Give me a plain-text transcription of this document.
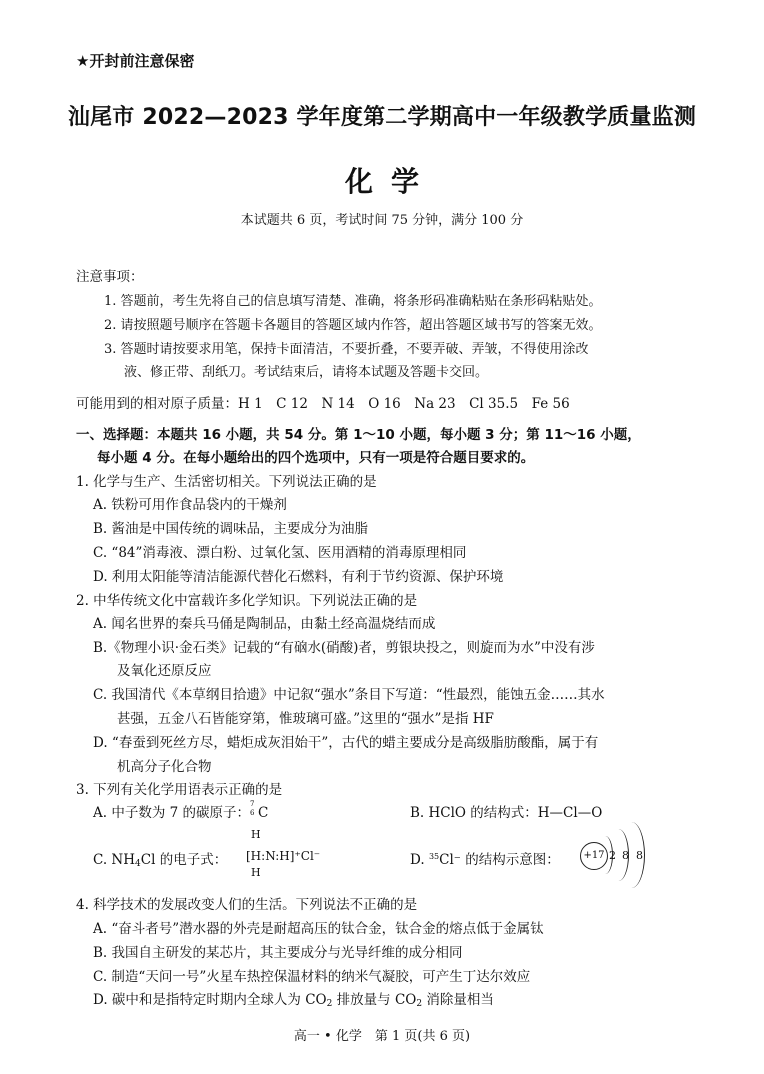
★开封前注意保密
汕尾市 2022—2023 学年度第二学期高中一年级教学质量监测
化学
本试题共 6 页，考试时间 75 分钟，满分 100 分
注意事项：
1. 答题前，考生先将自己的信息填写清楚、准确，将条形码准确粘贴在条形码粘贴处。
2. 请按照题号顺序在答题卡各题目的答题区域内作答，超出答题区域书写的答案无效。
3. 答题时请按要求用笔，保持卡面清洁，不要折叠，不要弄破、弄皱，不得使用涂改
液、修正带、刮纸刀。考试结束后，请将本试题及答题卡交回。
可能用到的相对原子质量：H 1　C 12　N 14　O 16　Na 23　Cl 35.5　Fe 56
一、选择题：本题共 16 小题，共 54 分。第 1～10 小题，每小题 3 分；第 11～16 小题，
每小题 4 分。在每小题给出的四个选项中，只有一项是符合题目要求的。
1. 化学与生产、生活密切相关。下列说法正确的是
A. 铁粉可用作食品袋内的干燥剂
B. 酱油是中国传统的调味品，主要成分为油脂
C. “84”消毒液、漂白粉、过氧化氢、医用酒精的消毒原理相同
D. 利用太阳能等清洁能源代替化石燃料，有利于节约资源、保护环境
2. 中华传统文化中富载许多化学知识。下列说法正确的是
A. 闻名世界的秦兵马俑是陶制品，由黏土经高温烧结而成
B.《物理小识·金石类》记载的“有硇水(硝酸)者，剪银块投之，则旋而为水”中没有涉
及氧化还原反应
C. 我国清代《本草纲目拾遗》中记叙“强水”条目下写道：“性最烈，能蚀五金……其水
甚强，五金八石皆能穿第，惟玻璃可盛。”这里的“强水”是指 HF
D. “春蚕到死丝方尽，蜡炬成灰泪始干”，古代的蜡主要成分是高级脂肪酸酯，属于有
机高分子化合物
3. 下列有关化学用语表示正确的是
A. 中子数为 7 的碳原子：
7
6 C	B. HClO 的结构式：H—Cl—O
C. $NH_4Cl$ 的电子式：
H
[H:N:H]⁺Cl⁻
H
D. $^{35}$Cl⁻ 的结构示意图：	+17 2 8 8
4. 科学技术的发展改变人们的生活。下列说法不正确的是
A. “奋斗者号”潜水器的外壳是耐超高压的钛合金，钛合金的熔点低于金属钛
B. 我国自主研发的某芯片，其主要成分与光导纤维的成分相同
C. 制造“天问一号”火星车热控保温材料的纳米气凝胶，可产生丁达尔效应
D. 碳中和是指特定时期内全球人为 $CO_2$ 排放量与 $CO_2$ 消除量相当
高一 • 化学　第 1 页(共 6 页)
